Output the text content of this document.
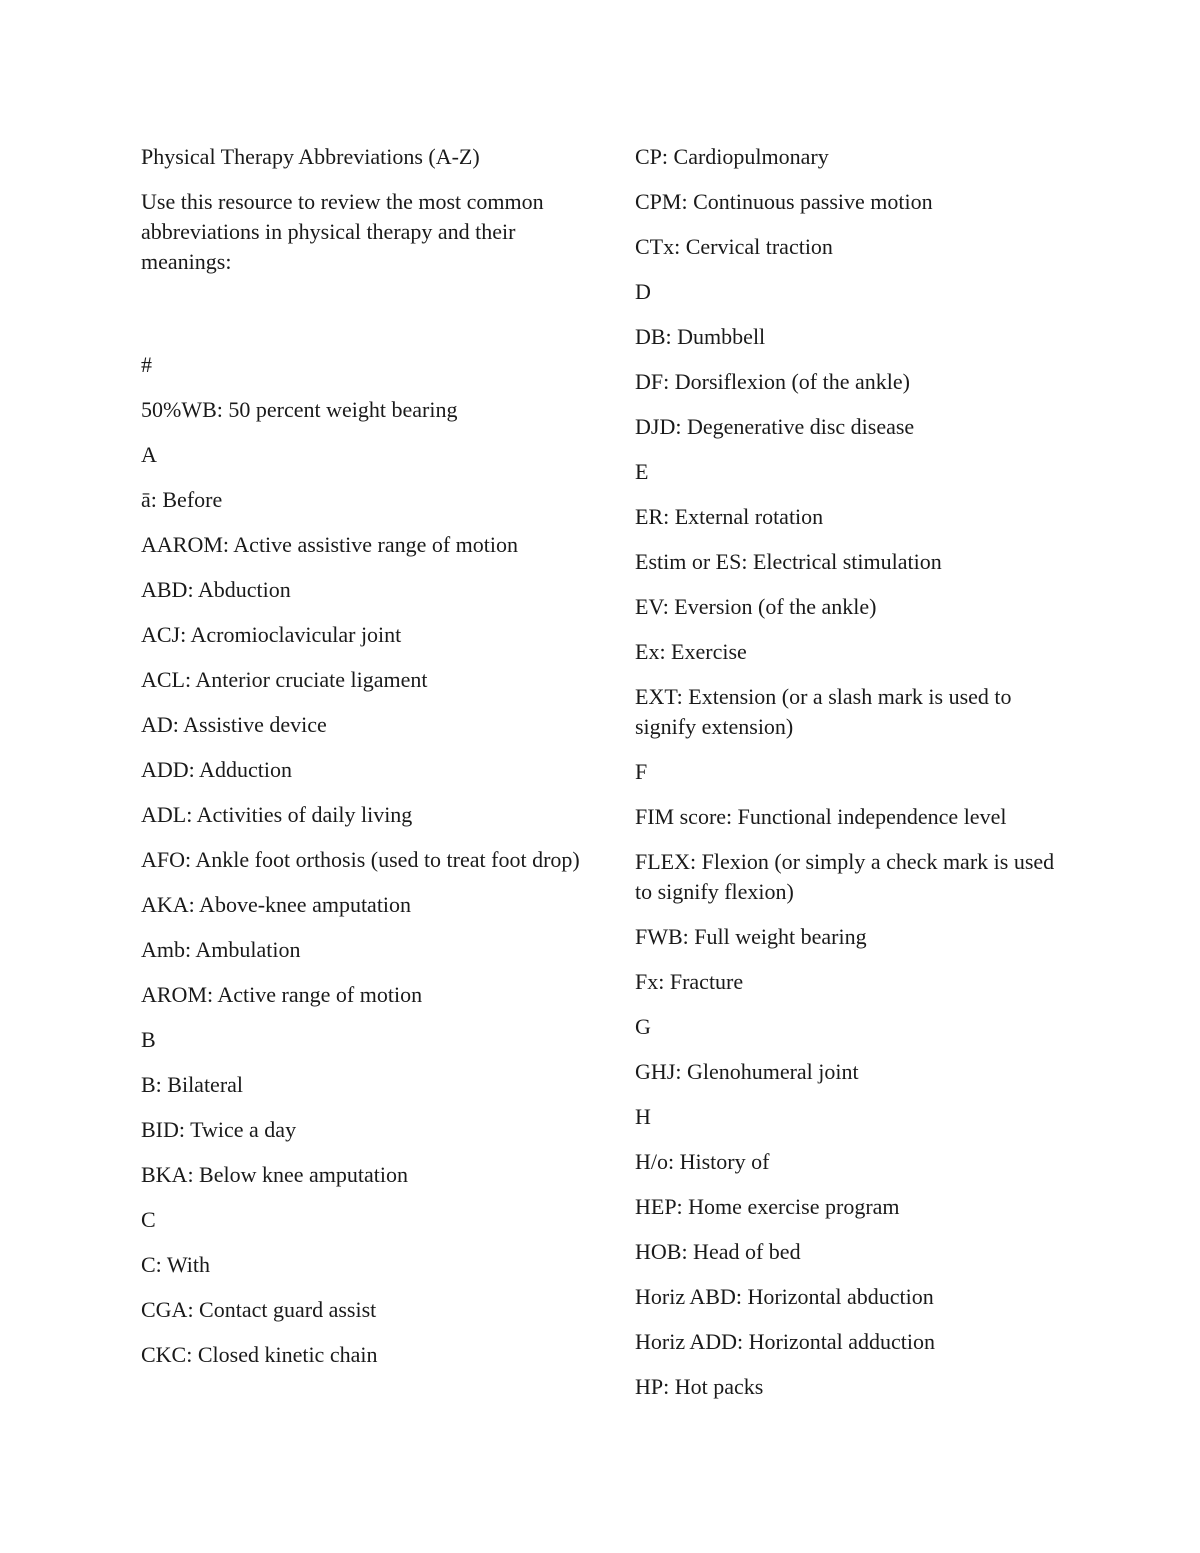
Physical Therapy Abbreviations (A-Z)

Use this resource to review the most common abbreviations in physical therapy and their meanings:

#

50%WB: 50 percent weight bearing

A

ā: Before

AAROM: Active assistive range of motion

ABD: Abduction

ACJ: Acromioclavicular joint

ACL: Anterior cruciate ligament

AD: Assistive device

ADD: Adduction

ADL: Activities of daily living

AFO: Ankle foot orthosis (used to treat foot drop)

AKA: Above-knee amputation

Amb: Ambulation

AROM: Active range of motion

B

B: Bilateral

BID: Twice a day

BKA: Below knee amputation

C

C: With

CGA: Contact guard assist

CKC: Closed kinetic chain

CP: Cardiopulmonary

CPM: Continuous passive motion

CTx: Cervical traction

D

DB: Dumbbell

DF: Dorsiflexion (of the ankle)

DJD: Degenerative disc disease

E

ER: External rotation

Estim or ES: Electrical stimulation

EV: Eversion (of the ankle)

Ex: Exercise

EXT: Extension (or a slash mark is used to signify extension)

F

FIM score: Functional independence level

FLEX: Flexion (or simply a check mark is used to signify flexion)

FWB: Full weight bearing

Fx: Fracture

G

GHJ: Glenohumeral joint

H

H/o: History of

HEP: Home exercise program

HOB: Head of bed

Horiz ABD: Horizontal abduction

Horiz ADD: Horizontal adduction

HP: Hot packs
